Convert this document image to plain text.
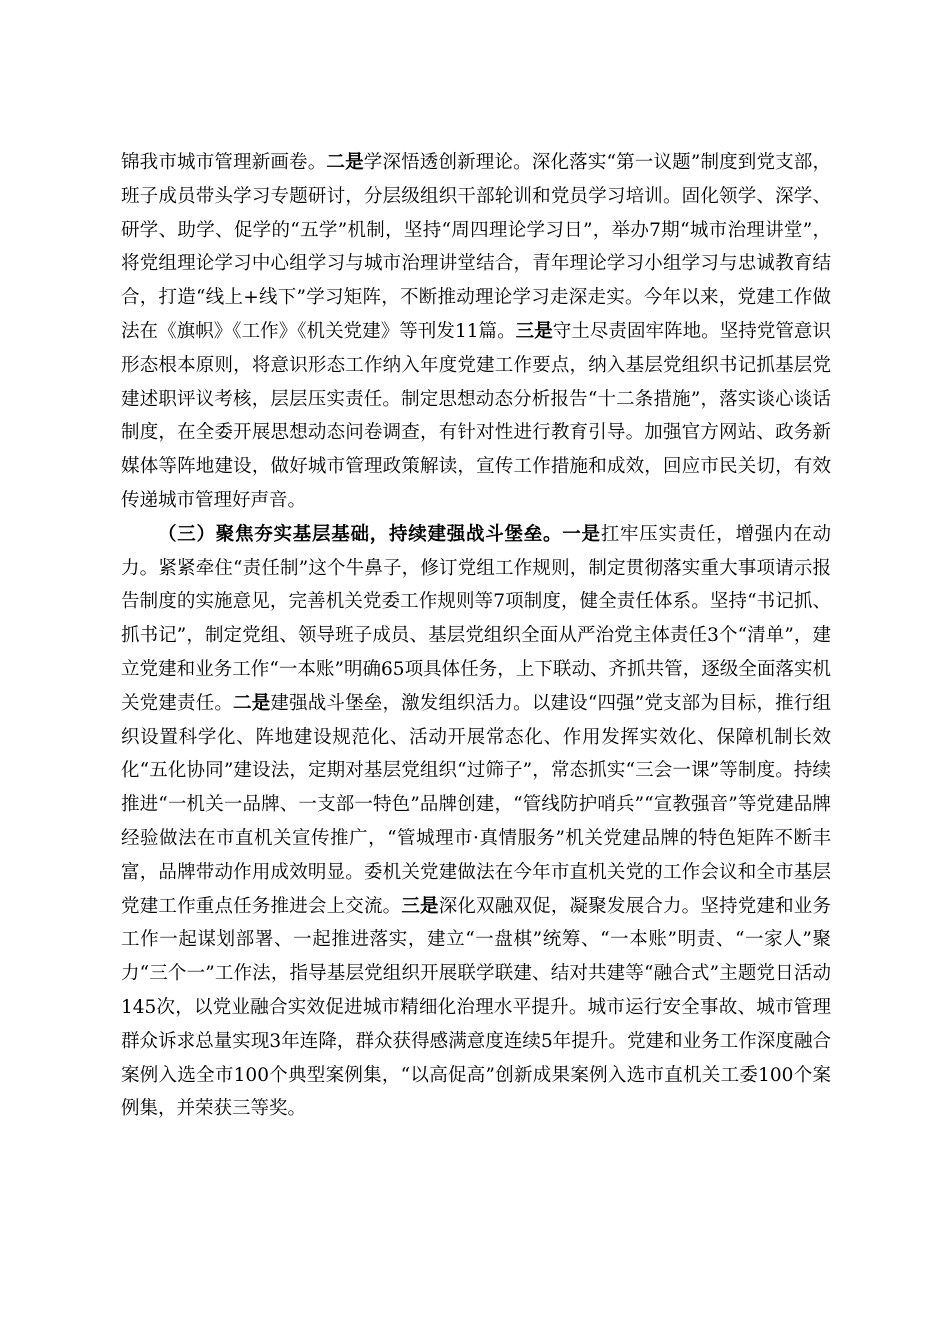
锦我市城市管理新画卷。二是学深悟透创新理论。深化落实“第一议题”制度到党支部，班子成员带头学习专题研讨，分层级组织干部轮训和党员学习培训。固化领学、深学、研学、助学、促学的“五学”机制，坚持“周四理论学习日”，举办7期“城市治理讲堂”，将党组理论学习中心组学习与城市治理讲堂结合，青年理论学习小组学习与忠诚教育结合，打造“线上+线下”学习矩阵，不断推动理论学习走深走实。今年以来，党建工作做法在《旗帜》《工作》《机关党建》等刊发11篇。三是守土尽责固牢阵地。坚持党管意识形态根本原则，将意识形态工作纳入年度党建工作要点，纳入基层党组织书记抓基层党建述职评议考核，层层压实责任。制定思想动态分析报告“十二条措施”，落实谈心谈话制度，在全委开展思想动态问卷调查，有针对性进行教育引导。加强官方网站、政务新媒体等阵地建设，做好城市管理政策解读，宣传工作措施和成效，回应市民关切，有效传递城市管理好声音。

（三）聚焦夯实基层基础，持续建强战斗堡垒。一是扛牢压实责任，增强内在动力。紧紧牵住“责任制”这个牛鼻子，修订党组工作规则，制定贯彻落实重大事项请示报告制度的实施意见，完善机关党委工作规则等7项制度，健全责任体系。坚持“书记抓、抓书记”，制定党组、领导班子成员、基层党组织全面从严治党主体责任3个“清单”，建立党建和业务工作“一本账”明确65项具体任务，上下联动、齐抓共管，逐级全面落实机关党建责任。二是建强战斗堡垒，激发组织活力。以建设“四强”党支部为目标，推行组织设置科学化、阵地建设规范化、活动开展常态化、作用发挥实效化、保障机制长效化“五化协同”建设法，定期对基层党组织“过筛子”，常态抓实“三会一课”等制度。持续推进“一机关一品牌、一支部一特色”品牌创建，“管线防护哨兵”“宣教强音”等党建品牌经验做法在市直机关宣传推广，“管城理市·真情服务”机关党建品牌的特色矩阵不断丰富，品牌带动作用成效明显。委机关党建做法在今年市直机关党的工作会议和全市基层党建工作重点任务推进会上交流。三是深化双融双促，凝聚发展合力。坚持党建和业务工作一起谋划部署、一起推进落实，建立“一盘棋”统筹、“一本账”明责、“一家人”聚力“三个一”工作法，指导基层党组织开展联学联建、结对共建等“融合式”主题党日活动145次，以党业融合实效促进城市精细化治理水平提升。城市运行安全事故、城市管理群众诉求总量实现3年连降，群众获得感满意度连续5年提升。党建和业务工作深度融合案例入选全市100个典型案例集，“以高促高”创新成果案例入选市直机关工委100个案例集，并荣获三等奖。
